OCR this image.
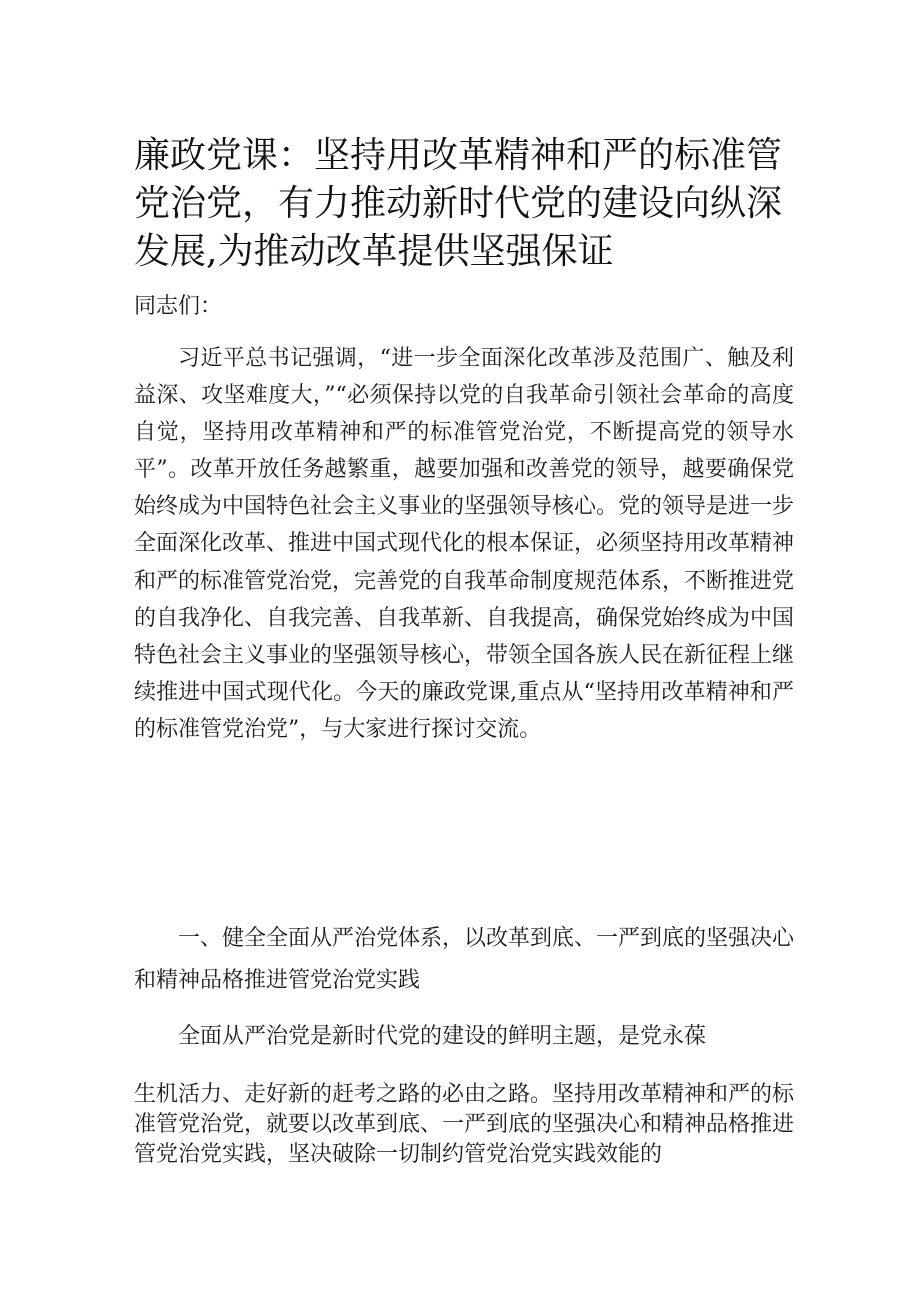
廉政党课：坚持用改革精神和严的标准管党治党，有力推动新时代党的建设向纵深发展,为推动改革提供坚强保证

同志们：

习近平总书记强调，“进一步全面深化改革涉及范围广、触及利益深、攻坚难度大，”“必须保持以党的自我革命引领社会革命的高度自觉，坚持用改革精神和严的标准管党治党，不断提高党的领导水平”。改革开放任务越繁重，越要加强和改善党的领导，越要确保党始终成为中国特色社会主义事业的坚强领导核心。党的领导是进一步全面深化改革、推进中国式现代化的根本保证，必须坚持用改革精神和严的标准管党治党，完善党的自我革命制度规范体系，不断推进党的自我净化、自我完善、自我革新、自我提高，确保党始终成为中国特色社会主义事业的坚强领导核心，带领全国各族人民在新征程上继续推进中国式现代化。今天的廉政党课,重点从“坚持用改革精神和严的标准管党治党”，与大家进行探讨交流。

一、健全全面从严治党体系，以改革到底、一严到底的坚强决心和精神品格推进管党治党实践

全面从严治党是新时代党的建设的鲜明主题，是党永葆

生机活力、走好新的赶考之路的必由之路。坚持用改革精神和严的标准管党治党，就要以改革到底、一严到底的坚强决心和精神品格推进管党治党实践，坚决破除一切制约管党治党实践效能的
